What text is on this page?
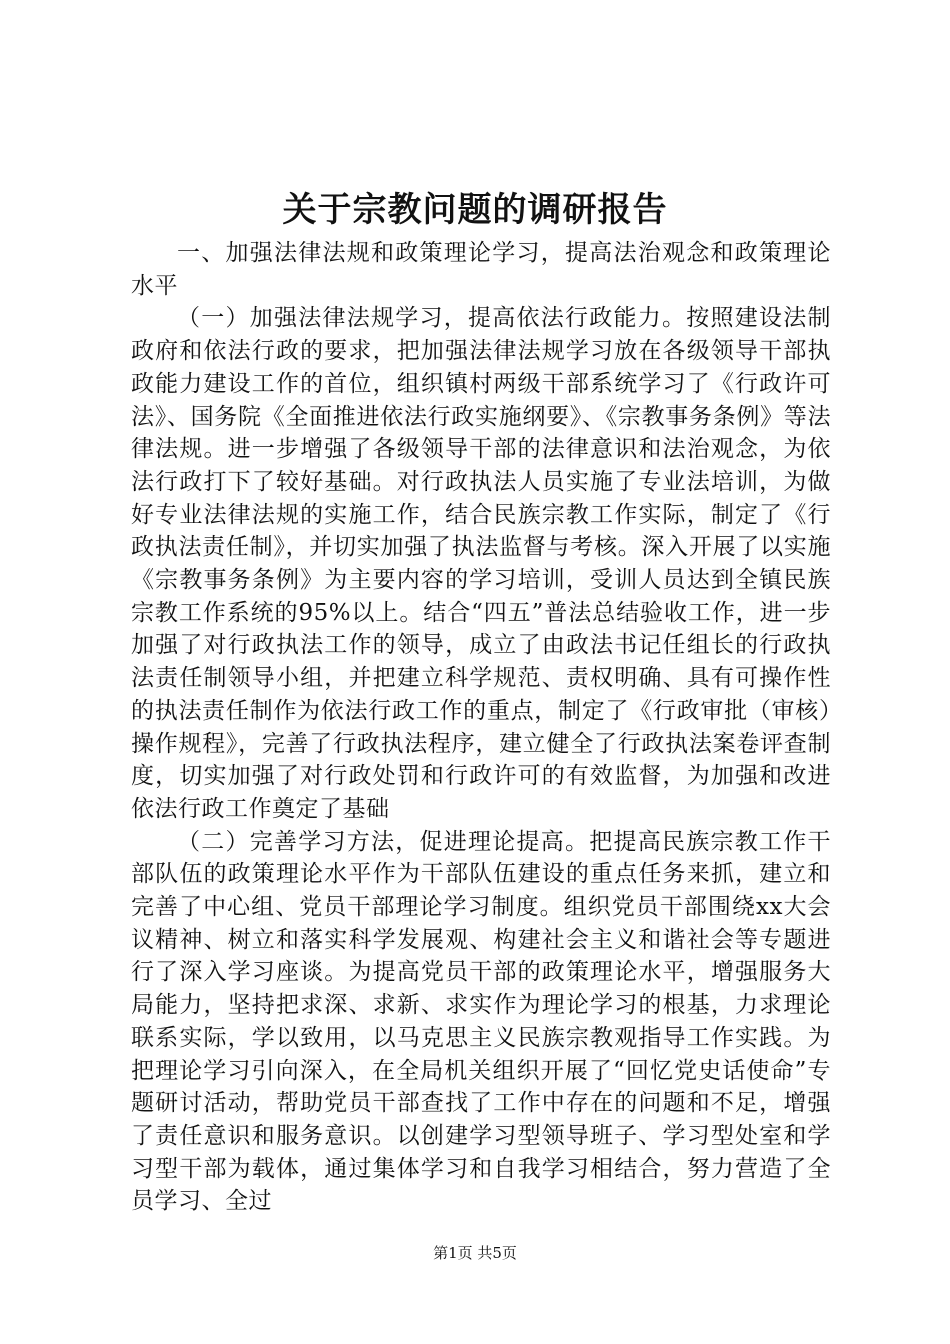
关于宗教问题的调研报告

一、加强法律法规和政策理论学习，提高法治观念和政策理论水平

（一）加强法律法规学习，提高依法行政能力。按照建设法制政府和依法行政的要求，把加强法律法规学习放在各级领导干部执政能力建设工作的首位，组织镇村两级干部系统学习了《行政许可法》、国务院《全面推进依法行政实施纲要》、《宗教事务条例》等法律法规。进一步增强了各级领导干部的法律意识和法治观念，为依法行政打下了较好基础。对行政执法人员实施了专业法培训，为做好专业法律法规的实施工作，结合民族宗教工作实际，制定了《行政执法责任制》，并切实加强了执法监督与考核。深入开展了以实施《宗教事务条例》为主要内容的学习培训，受训人员达到全镇民族宗教工作系统的95%以上。结合“四五”普法总结验收工作，进一步加强了对行政执法工作的领导，成立了由政法书记任组长的行政执法责任制领导小组，并把建立科学规范、责权明确、具有可操作性的执法责任制作为依法行政工作的重点，制定了《行政审批（审核）操作规程》，完善了行政执法程序，建立健全了行政执法案卷评查制度，切实加强了对行政处罚和行政许可的有效监督，为加强和改进依法行政工作奠定了基础

（二）完善学习方法，促进理论提高。把提高民族宗教工作干部队伍的政策理论水平作为干部队伍建设的重点任务来抓，建立和完善了中心组、党员干部理论学习制度。组织党员干部围绕xx大会议精神、树立和落实科学发展观、构建社会主义和谐社会等专题进行了深入学习座谈。为提高党员干部的政策理论水平，增强服务大局能力，坚持把求深、求新、求实作为理论学习的根基，力求理论联系实际，学以致用，以马克思主义民族宗教观指导工作实践。为把理论学习引向深入，在全局机关组织开展了“回忆党史话使命”专题研讨活动，帮助党员干部查找了工作中存在的问题和不足，增强了责任意识和服务意识。以创建学习型领导班子、学习型处室和学习型干部为载体，通过集体学习和自我学习相结合，努力营造了全员学习、全过

第1页 共5页
